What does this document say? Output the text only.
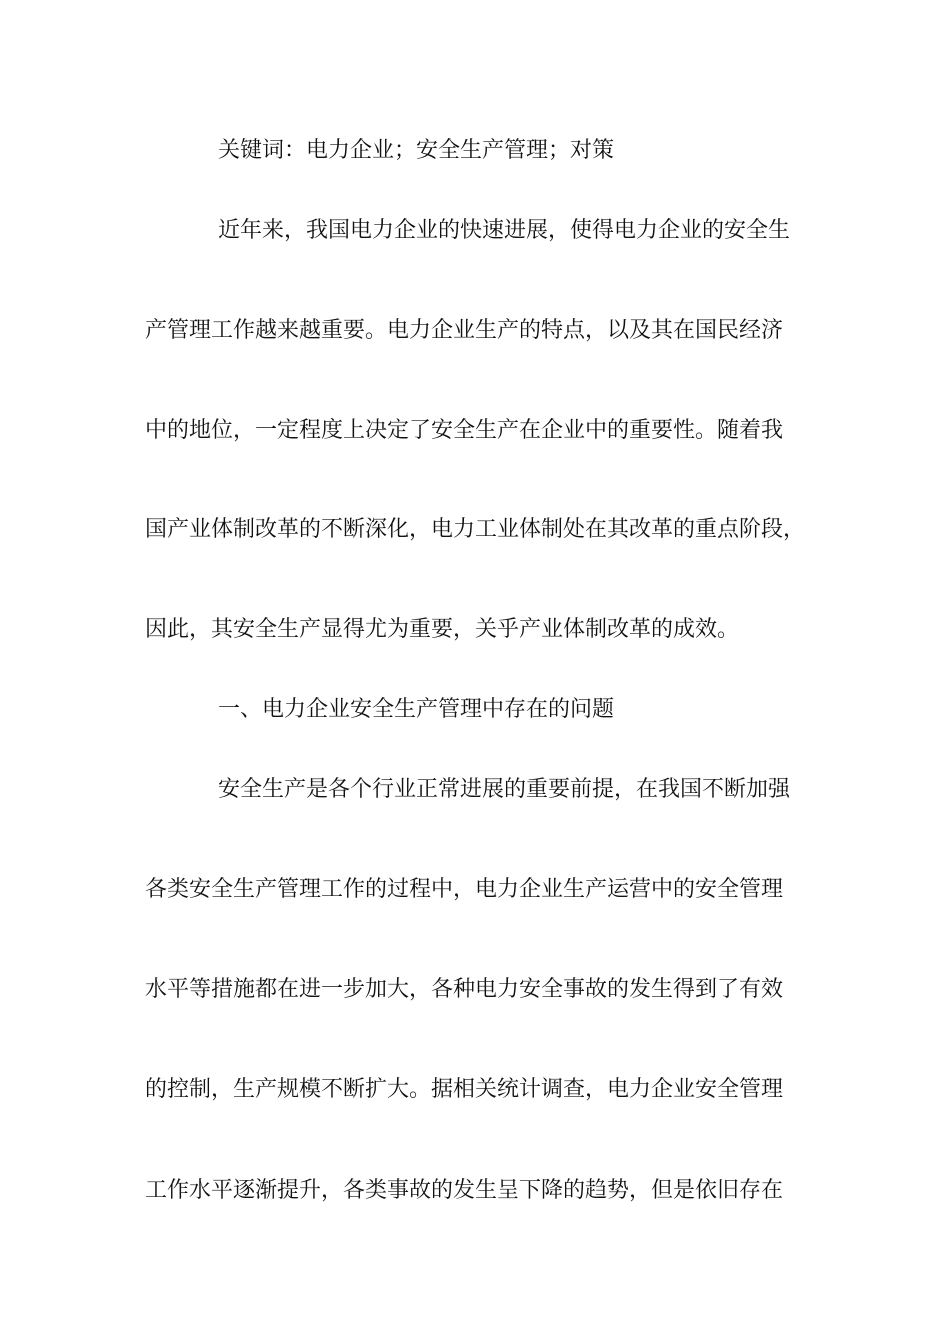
关键词：电力企业；安全生产管理；对策
近年来，我国电力企业的快速进展，使得电力企业的安全生
产管理工作越来越重要。电力企业生产的特点，以及其在国民经济
中的地位，一定程度上决定了安全生产在企业中的重要性。随着我
国产业体制改革的不断深化，电力工业体制处在其改革的重点阶段，
因此，其安全生产显得尤为重要，关乎产业体制改革的成效。
一、电力企业安全生产管理中存在的问题
安全生产是各个行业正常进展的重要前提，在我国不断加强
各类安全生产管理工作的过程中，电力企业生产运营中的安全管理
水平等措施都在进一步加大，各种电力安全事故的发生得到了有效
的控制，生产规模不断扩大。据相关统计调查，电力企业安全管理
工作水平逐渐提升，各类事故的发生呈下降的趋势，但是依旧存在
